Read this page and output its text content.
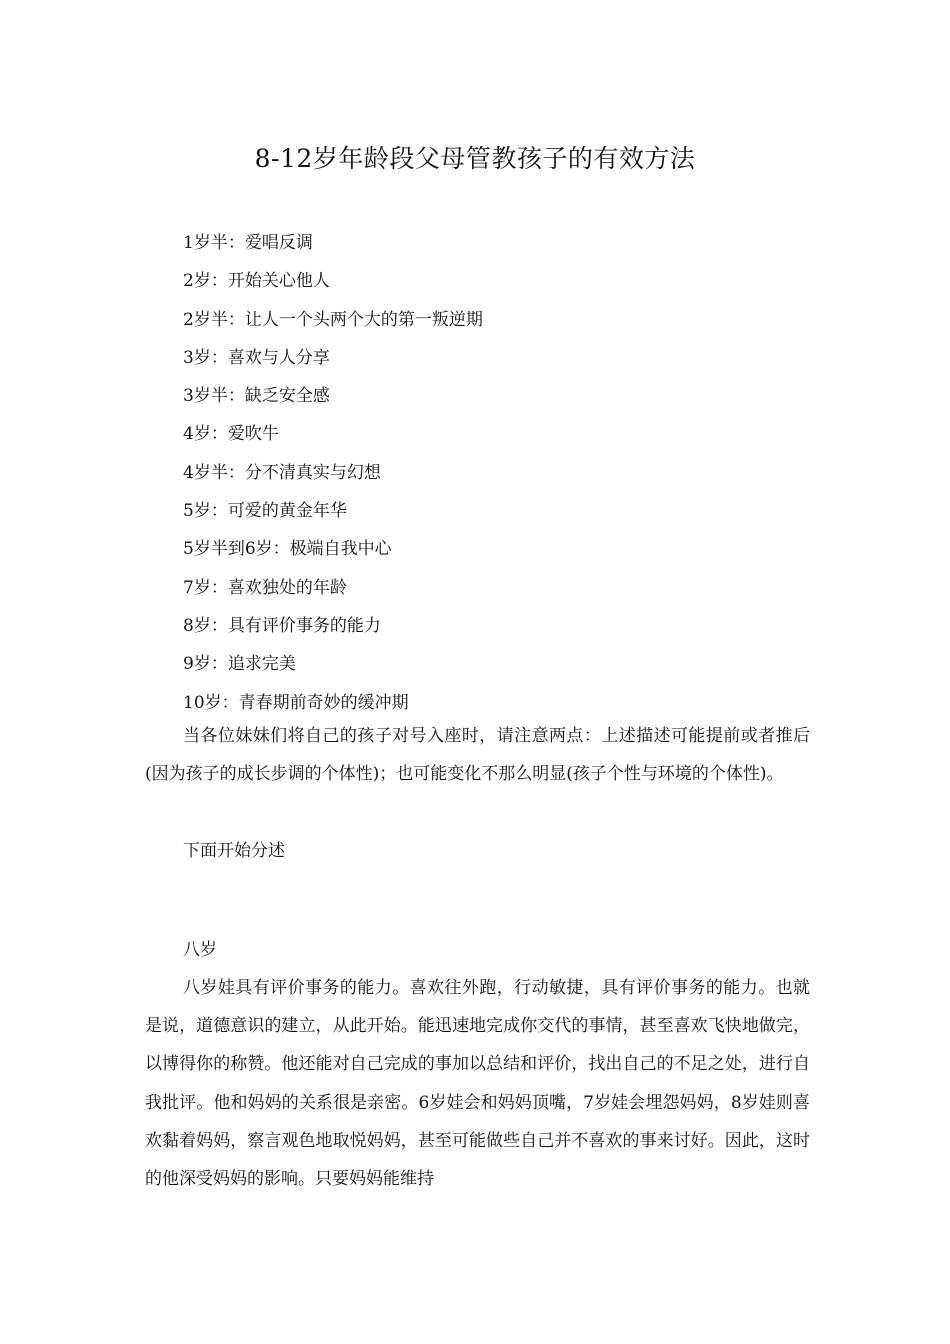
8-12岁年龄段父母管教孩子的有效方法
1岁半：爱唱反调
2岁：开始关心他人
2岁半：让人一个头两个大的第一叛逆期
3岁：喜欢与人分享
3岁半：缺乏安全感
4岁：爱吹牛
4岁半：分不清真实与幻想
5岁：可爱的黄金年华
5岁半到6岁：极端自我中心
7岁：喜欢独处的年龄
8岁：具有评价事务的能力
9岁：追求完美
10岁：青春期前奇妙的缓冲期

当各位妹妹们将自己的孩子对号入座时，请注意两点：上述描述可能提前或者推后(因为孩子的成长步调的个体性)；也可能变化不那么明显(孩子个性与环境的个体性)。

下面开始分述

八岁

八岁娃具有评价事务的能力。喜欢往外跑，行动敏捷，具有评价事务的能力。也就是说，道德意识的建立，从此开始。能迅速地完成你交代的事情，甚至喜欢飞快地做完，以博得你的称赞。他还能对自己完成的事加以总结和评价，找出自己的不足之处，进行自我批评。他和妈妈的关系很是亲密。6岁娃会和妈妈顶嘴，7岁娃会埋怨妈妈，8岁娃则喜欢黏着妈妈，察言观色地取悦妈妈，甚至可能做些自己并不喜欢的事来讨好。因此，这时的他深受妈妈的影响。只要妈妈能维持
